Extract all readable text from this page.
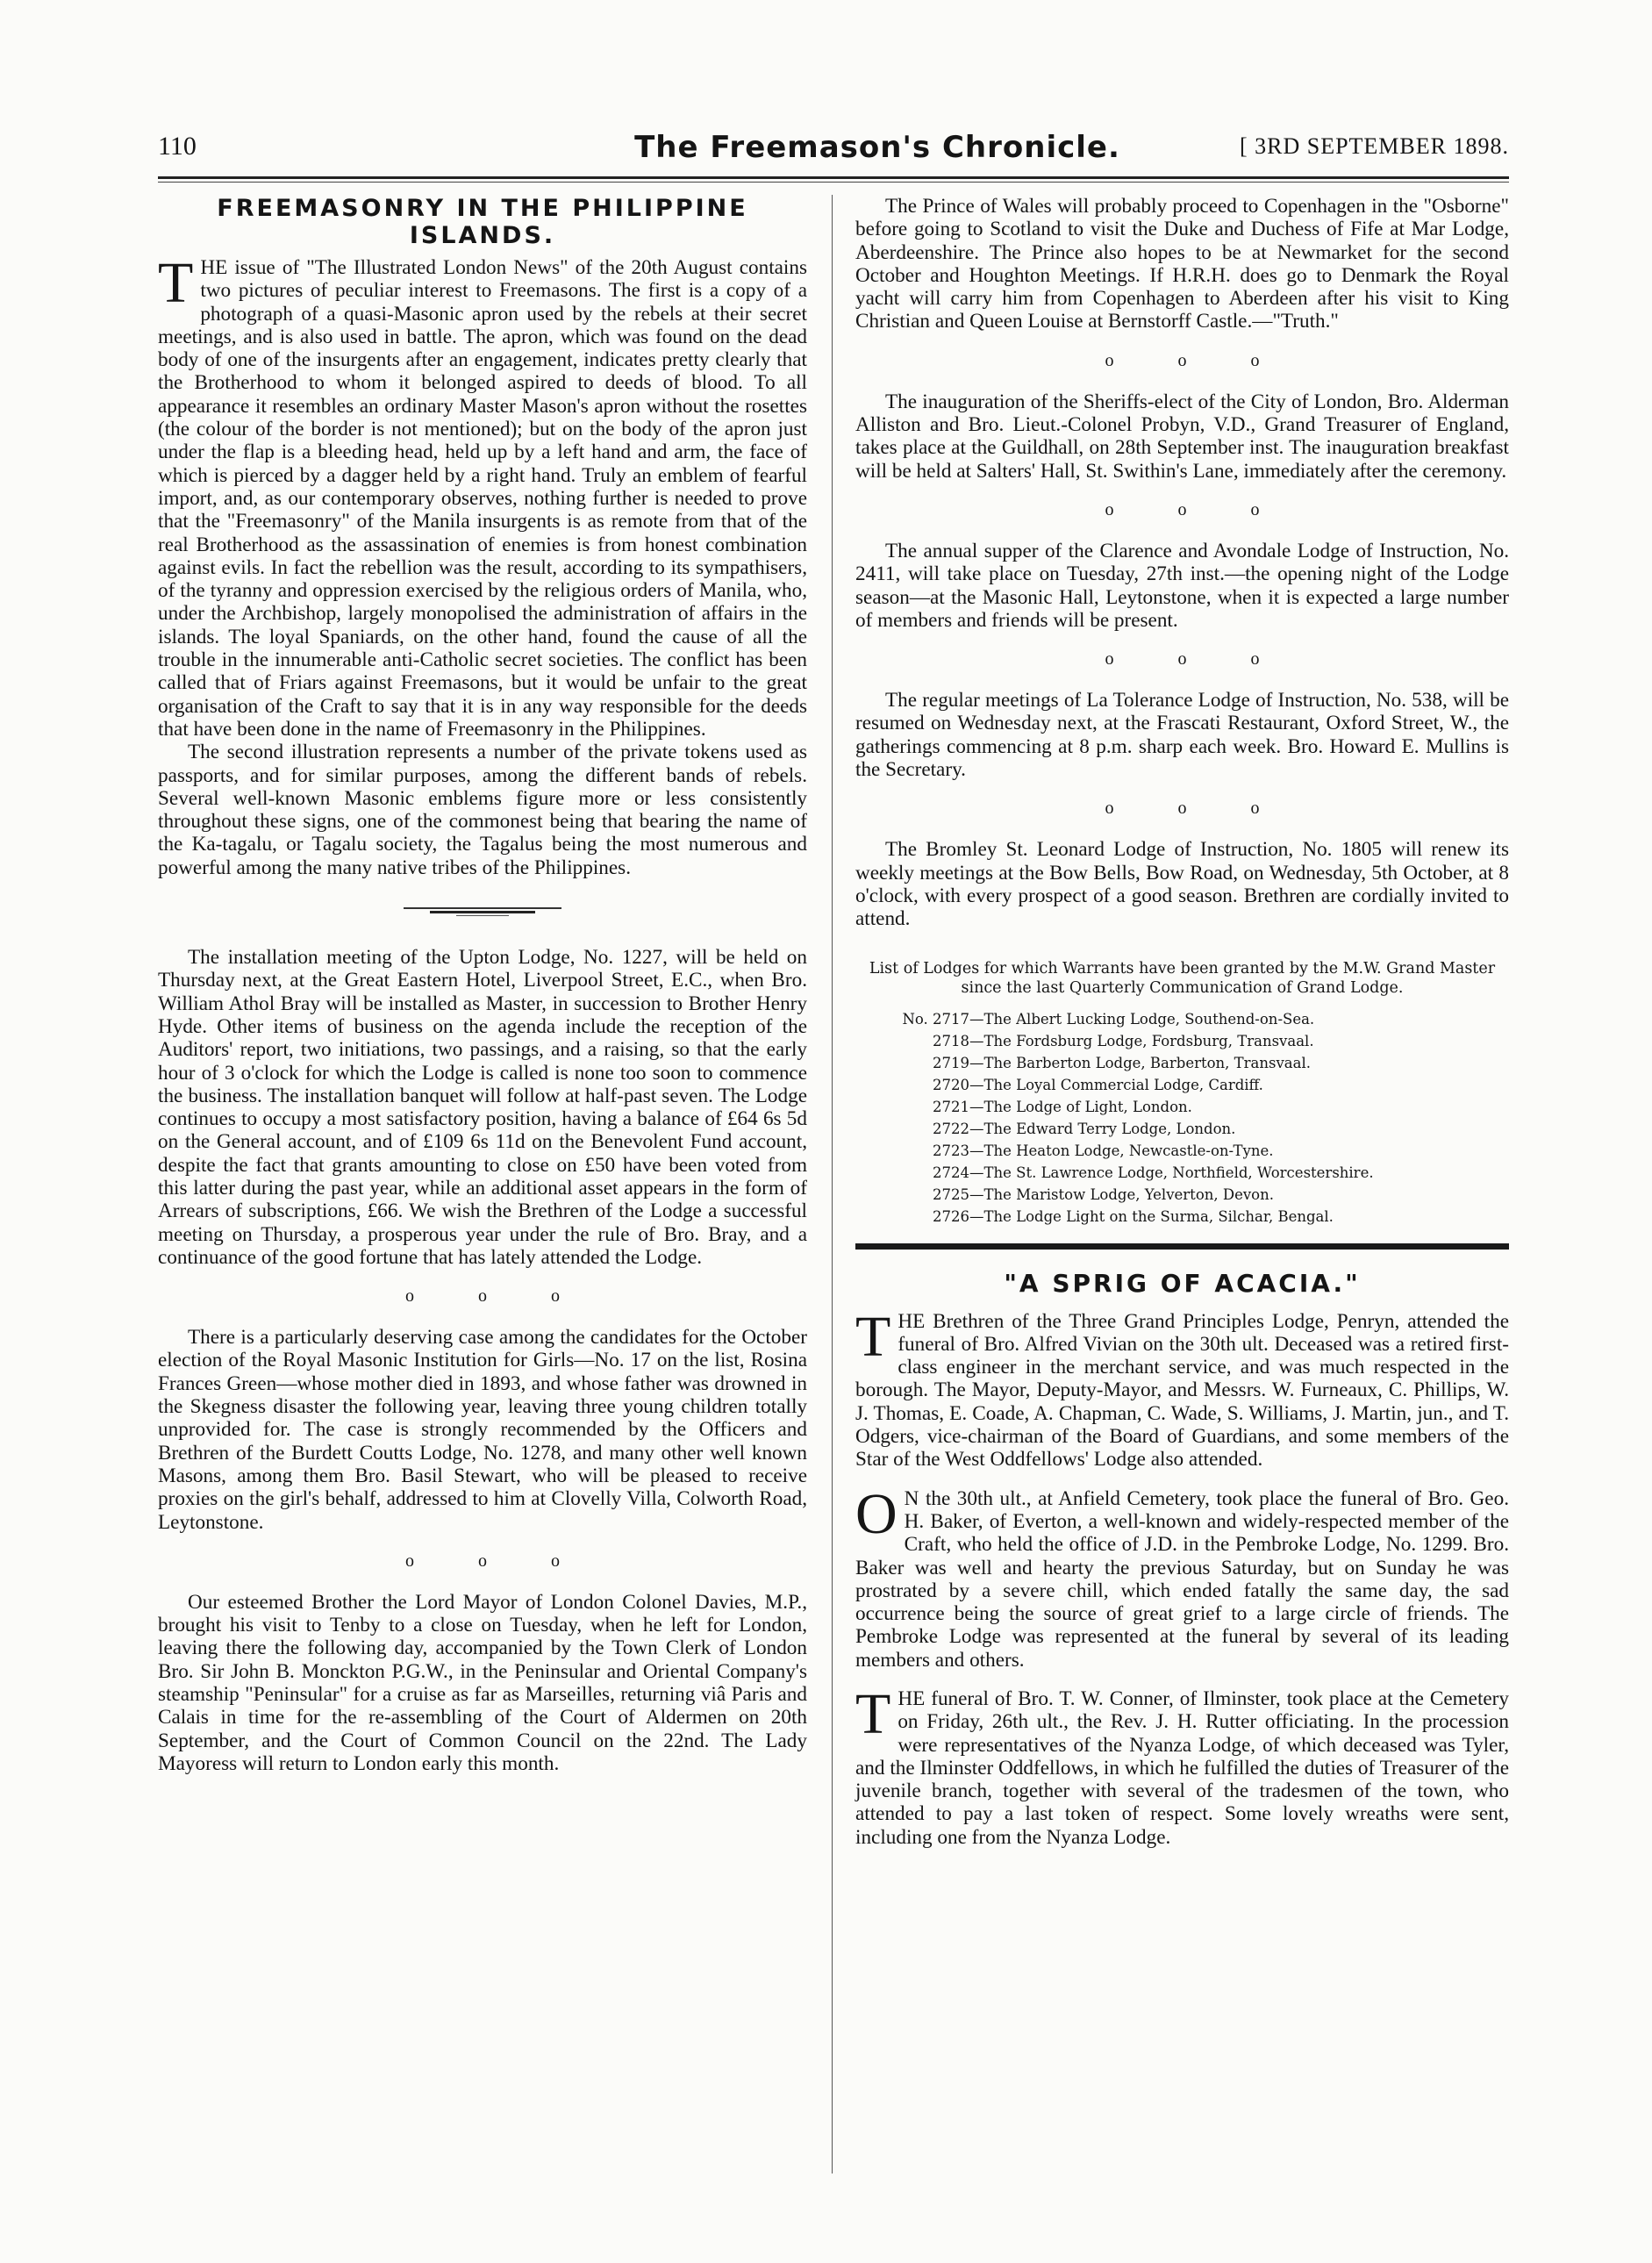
110	The Freemason's Chronicle.	[ 3RD SEPTEMBER 1898.
FREEMASONRY IN THE PHILIPPINE ISLANDS.

THE issue of "The Illustrated London News" of the 20th August contains two pictures of peculiar interest to Freemasons. The first is a copy of a photograph of a quasi-Masonic apron used by the rebels at their secret meetings, and is also used in battle. The apron, which was found on the dead body of one of the insurgents after an engagement, indicates pretty clearly that the Brotherhood to whom it belonged aspired to deeds of blood. To all appearance it resembles an ordinary Master Mason's apron without the rosettes (the colour of the border is not mentioned); but on the body of the apron just under the flap is a bleeding head, held up by a left hand and arm, the face of which is pierced by a dagger held by a right hand. Truly an emblem of fearful import, and, as our contemporary observes, nothing further is needed to prove that the "Freemasonry" of the Manila insurgents is as remote from that of the real Brotherhood as the assassination of enemies is from honest combination against evils. In fact the rebellion was the result, according to its sympathisers, of the tyranny and oppression exercised by the religious orders of Manila, who, under the Archbishop, largely monopolised the administration of affairs in the islands. The loyal Spaniards, on the other hand, found the cause of all the trouble in the innumerable anti-Catholic secret societies. The conflict has been called that of Friars against Freemasons, but it would be unfair to the great organisation of the Craft to say that it is in any way responsible for the deeds that have been done in the name of Freemasonry in the Philippines.

The second illustration represents a number of the private tokens used as passports, and for similar purposes, among the different bands of rebels. Several well-known Masonic emblems figure more or less consistently throughout these signs, one of the commonest being that bearing the name of the Ka-tagalu, or Tagalu society, the Tagalus being the most numerous and powerful among the many native tribes of the Philippines.

The installation meeting of the Upton Lodge, No. 1227, will be held on Thursday next, at the Great Eastern Hotel, Liverpool Street, E.C., when Bro. William Athol Bray will be installed as Master, in succession to Brother Henry Hyde. Other items of business on the agenda include the reception of the Auditors' report, two initiations, two passings, and a raising, so that the early hour of 3 o'clock for which the Lodge is called is none too soon to commence the business. The installation banquet will follow at half-past seven. The Lodge continues to occupy a most satisfactory position, having a balance of £64 6s 5d on the General account, and of £109 6s 11d on the Benevolent Fund account, despite the fact that grants amounting to close on £50 have been voted from this latter during the past year, while an additional asset appears in the form of Arrears of subscriptions, £66. We wish the Brethren of the Lodge a successful meeting on Thursday, a prosperous year under the rule of Bro. Bray, and a continuance of the good fortune that has lately attended the Lodge.

o o o

There is a particularly deserving case among the candidates for the October election of the Royal Masonic Institution for Girls—No. 17 on the list, Rosina Frances Green—whose mother died in 1893, and whose father was drowned in the Skegness disaster the following year, leaving three young children totally unprovided for. The case is strongly recommended by the Officers and Brethren of the Burdett Coutts Lodge, No. 1278, and many other well known Masons, among them Bro. Basil Stewart, who will be pleased to receive proxies on the girl's behalf, addressed to him at Clovelly Villa, Colworth Road, Leytonstone.

o o o

Our esteemed Brother the Lord Mayor of London Colonel Davies, M.P., brought his visit to Tenby to a close on Tuesday, when he left for London, leaving there the following day, accompanied by the Town Clerk of London Bro. Sir John B. Monckton P.G.W., in the Peninsular and Oriental Company's steamship "Peninsular" for a cruise as far as Marseilles, returning viâ Paris and Calais in time for the re-assembling of the Court of Aldermen on 20th September, and the Court of Common Council on the 22nd. The Lady Mayoress will return to London early this month.

The Prince of Wales will probably proceed to Copenhagen in the "Osborne" before going to Scotland to visit the Duke and Duchess of Fife at Mar Lodge, Aberdeenshire. The Prince also hopes to be at Newmarket for the second October and Houghton Meetings. If H.R.H. does go to Denmark the Royal yacht will carry him from Copenhagen to Aberdeen after his visit to King Christian and Queen Louise at Bernstorff Castle.—"Truth."

o o o

The inauguration of the Sheriffs-elect of the City of London, Bro. Alderman Alliston and Bro. Lieut.-Colonel Probyn, V.D., Grand Treasurer of England, takes place at the Guildhall, on 28th September inst. The inauguration breakfast will be held at Salters' Hall, St. Swithin's Lane, immediately after the ceremony.

o o o

The annual supper of the Clarence and Avondale Lodge of Instruction, No. 2411, will take place on Tuesday, 27th inst.—the opening night of the Lodge season—at the Masonic Hall, Leytonstone, when it is expected a large number of members and friends will be present.

o o o

The regular meetings of La Tolerance Lodge of Instruction, No. 538, will be resumed on Wednesday next, at the Frascati Restaurant, Oxford Street, W., the gatherings commencing at 8 p.m. sharp each week. Bro. Howard E. Mullins is the Secretary.

o o o

The Bromley St. Leonard Lodge of Instruction, No. 1805 will renew its weekly meetings at the Bow Bells, Bow Road, on Wednesday, 5th October, at 8 o'clock, with every prospect of a good season. Brethren are cordially invited to attend.

List of Lodges for which Warrants have been granted by the M.W. Grand Master since the last Quarterly Communication of Grand Lodge.
No. 2717—The Albert Lucking Lodge, Southend-on-Sea.
2718—The Fordsburg Lodge, Fordsburg, Transvaal.
2719—The Barberton Lodge, Barberton, Transvaal.
2720—The Loyal Commercial Lodge, Cardiff.
2721—The Lodge of Light, London.
2722—The Edward Terry Lodge, London.
2723—The Heaton Lodge, Newcastle-on-Tyne.
2724—The St. Lawrence Lodge, Northfield, Worcestershire.
2725—The Maristow Lodge, Yelverton, Devon.
2726—The Lodge Light on the Surma, Silchar, Bengal.
"A SPRIG OF ACACIA."

THE Brethren of the Three Grand Principles Lodge, Penryn, attended the funeral of Bro. Alfred Vivian on the 30th ult. Deceased was a retired first-class engineer in the merchant service, and was much respected in the borough. The Mayor, Deputy-Mayor, and Messrs. W. Furneaux, C. Phillips, W. J. Thomas, E. Coade, A. Chapman, C. Wade, S. Williams, J. Martin, jun., and T. Odgers, vice-chairman of the Board of Guardians, and some members of the Star of the West Oddfellows' Lodge also attended.

O N the 30th ult., at Anfield Cemetery, took place the funeral of Bro. Geo. H. Baker, of Everton, a well-known and widely-respected member of the Craft, who held the office of J.D. in the Pembroke Lodge, No. 1299. Bro. Baker was well and hearty the previous Saturday, but on Sunday he was prostrated by a severe chill, which ended fatally the same day, the sad occurrence being the source of great grief to a large circle of friends. The Pembroke Lodge was represented at the funeral by several of its leading members and others.

THE funeral of Bro. T. W. Conner, of Ilminster, took place at the Cemetery on Friday, 26th ult., the Rev. J. H. Rutter officiating. In the procession were representatives of the Nyanza Lodge, of which deceased was Tyler, and the Ilminster Oddfellows, in which he fulfilled the duties of Treasurer of the juvenile branch, together with several of the tradesmen of the town, who attended to pay a last token of respect. Some lovely wreaths were sent, including one from the Nyanza Lodge.
